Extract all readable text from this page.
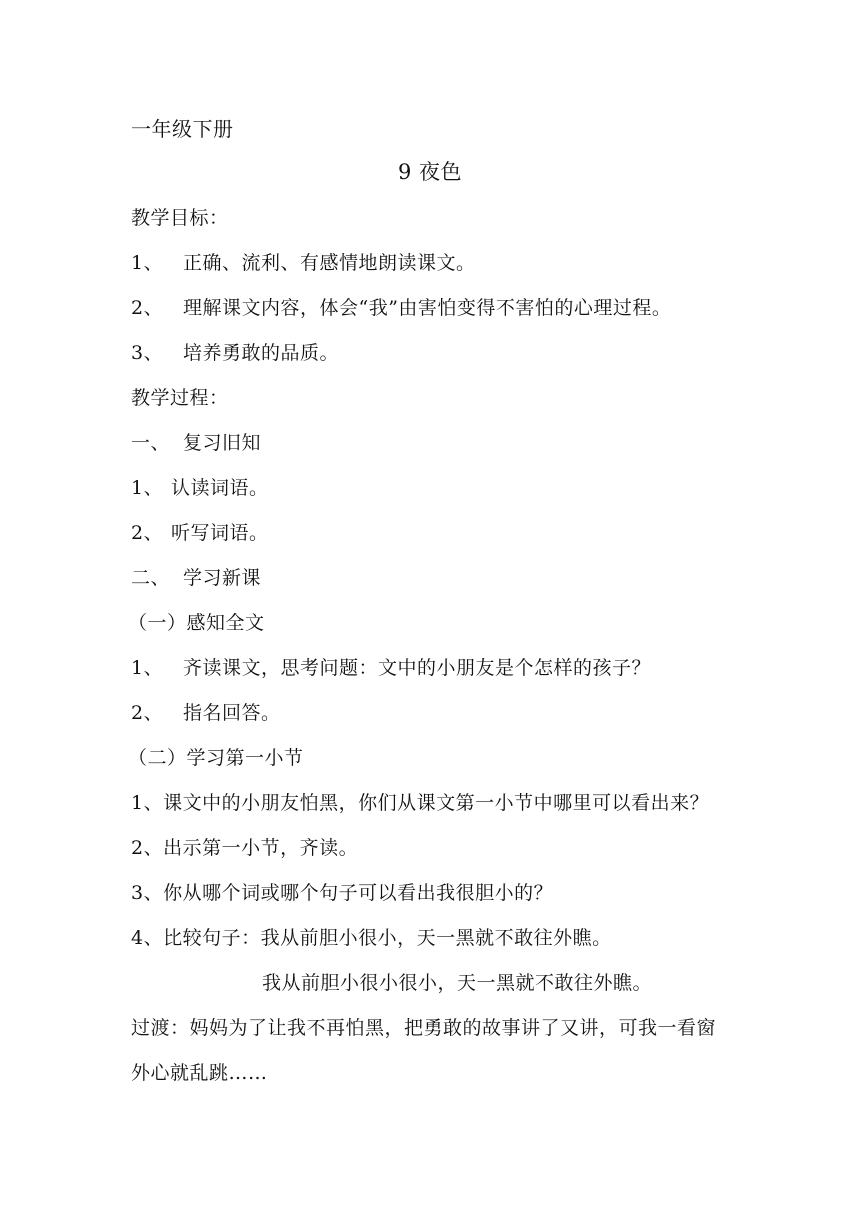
一年级下册
9 夜色
教学目标：
1、 正确、流利、有感情地朗读课文。
2、 理解课文内容，体会“我”由害怕变得不害怕的心理过程。
3、 培养勇敢的品质。
教学过程：
一、 复习旧知
1、 认读词语。
2、 听写词语。
二、 学习新课
（一）感知全文
1、 齐读课文，思考问题：文中的小朋友是个怎样的孩子？
2、 指名回答。
（二）学习第一小节
1、课文中的小朋友怕黑，你们从课文第一小节中哪里可以看出来？
2、出示第一小节，齐读。
3、你从哪个词或哪个句子可以看出我很胆小的？
4、比较句子：我从前胆小很小，天一黑就不敢往外瞧。
我从前胆小很小很小，天一黑就不敢往外瞧。
过渡：妈妈为了让我不再怕黑，把勇敢的故事讲了又讲，可我一看窗
外心就乱跳……
